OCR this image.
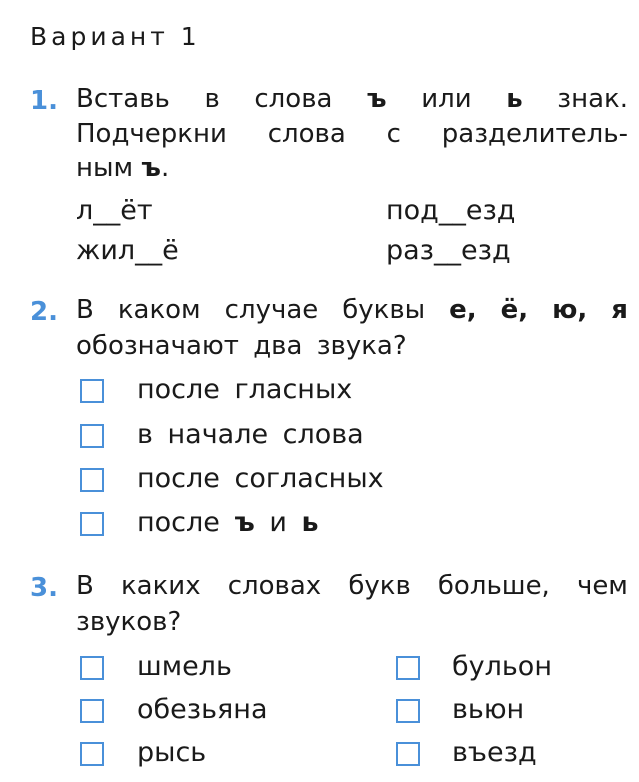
Вариант 1
1. Вставь в слова ъ или ь знак.
Подчеркни слова с разделитель-
ным ъ.
л__ёт	под__езд
жил__ё	раз__езд
2. В каком случае буквы е, ё, ю, я
обозначают два звука?
после гласных
в начале слова
после согласных
после ъ и ь
3. В каких словах букв больше, чем
звуков?
шмель	бульон
обезьяна	вьюн
рысь	въезд
